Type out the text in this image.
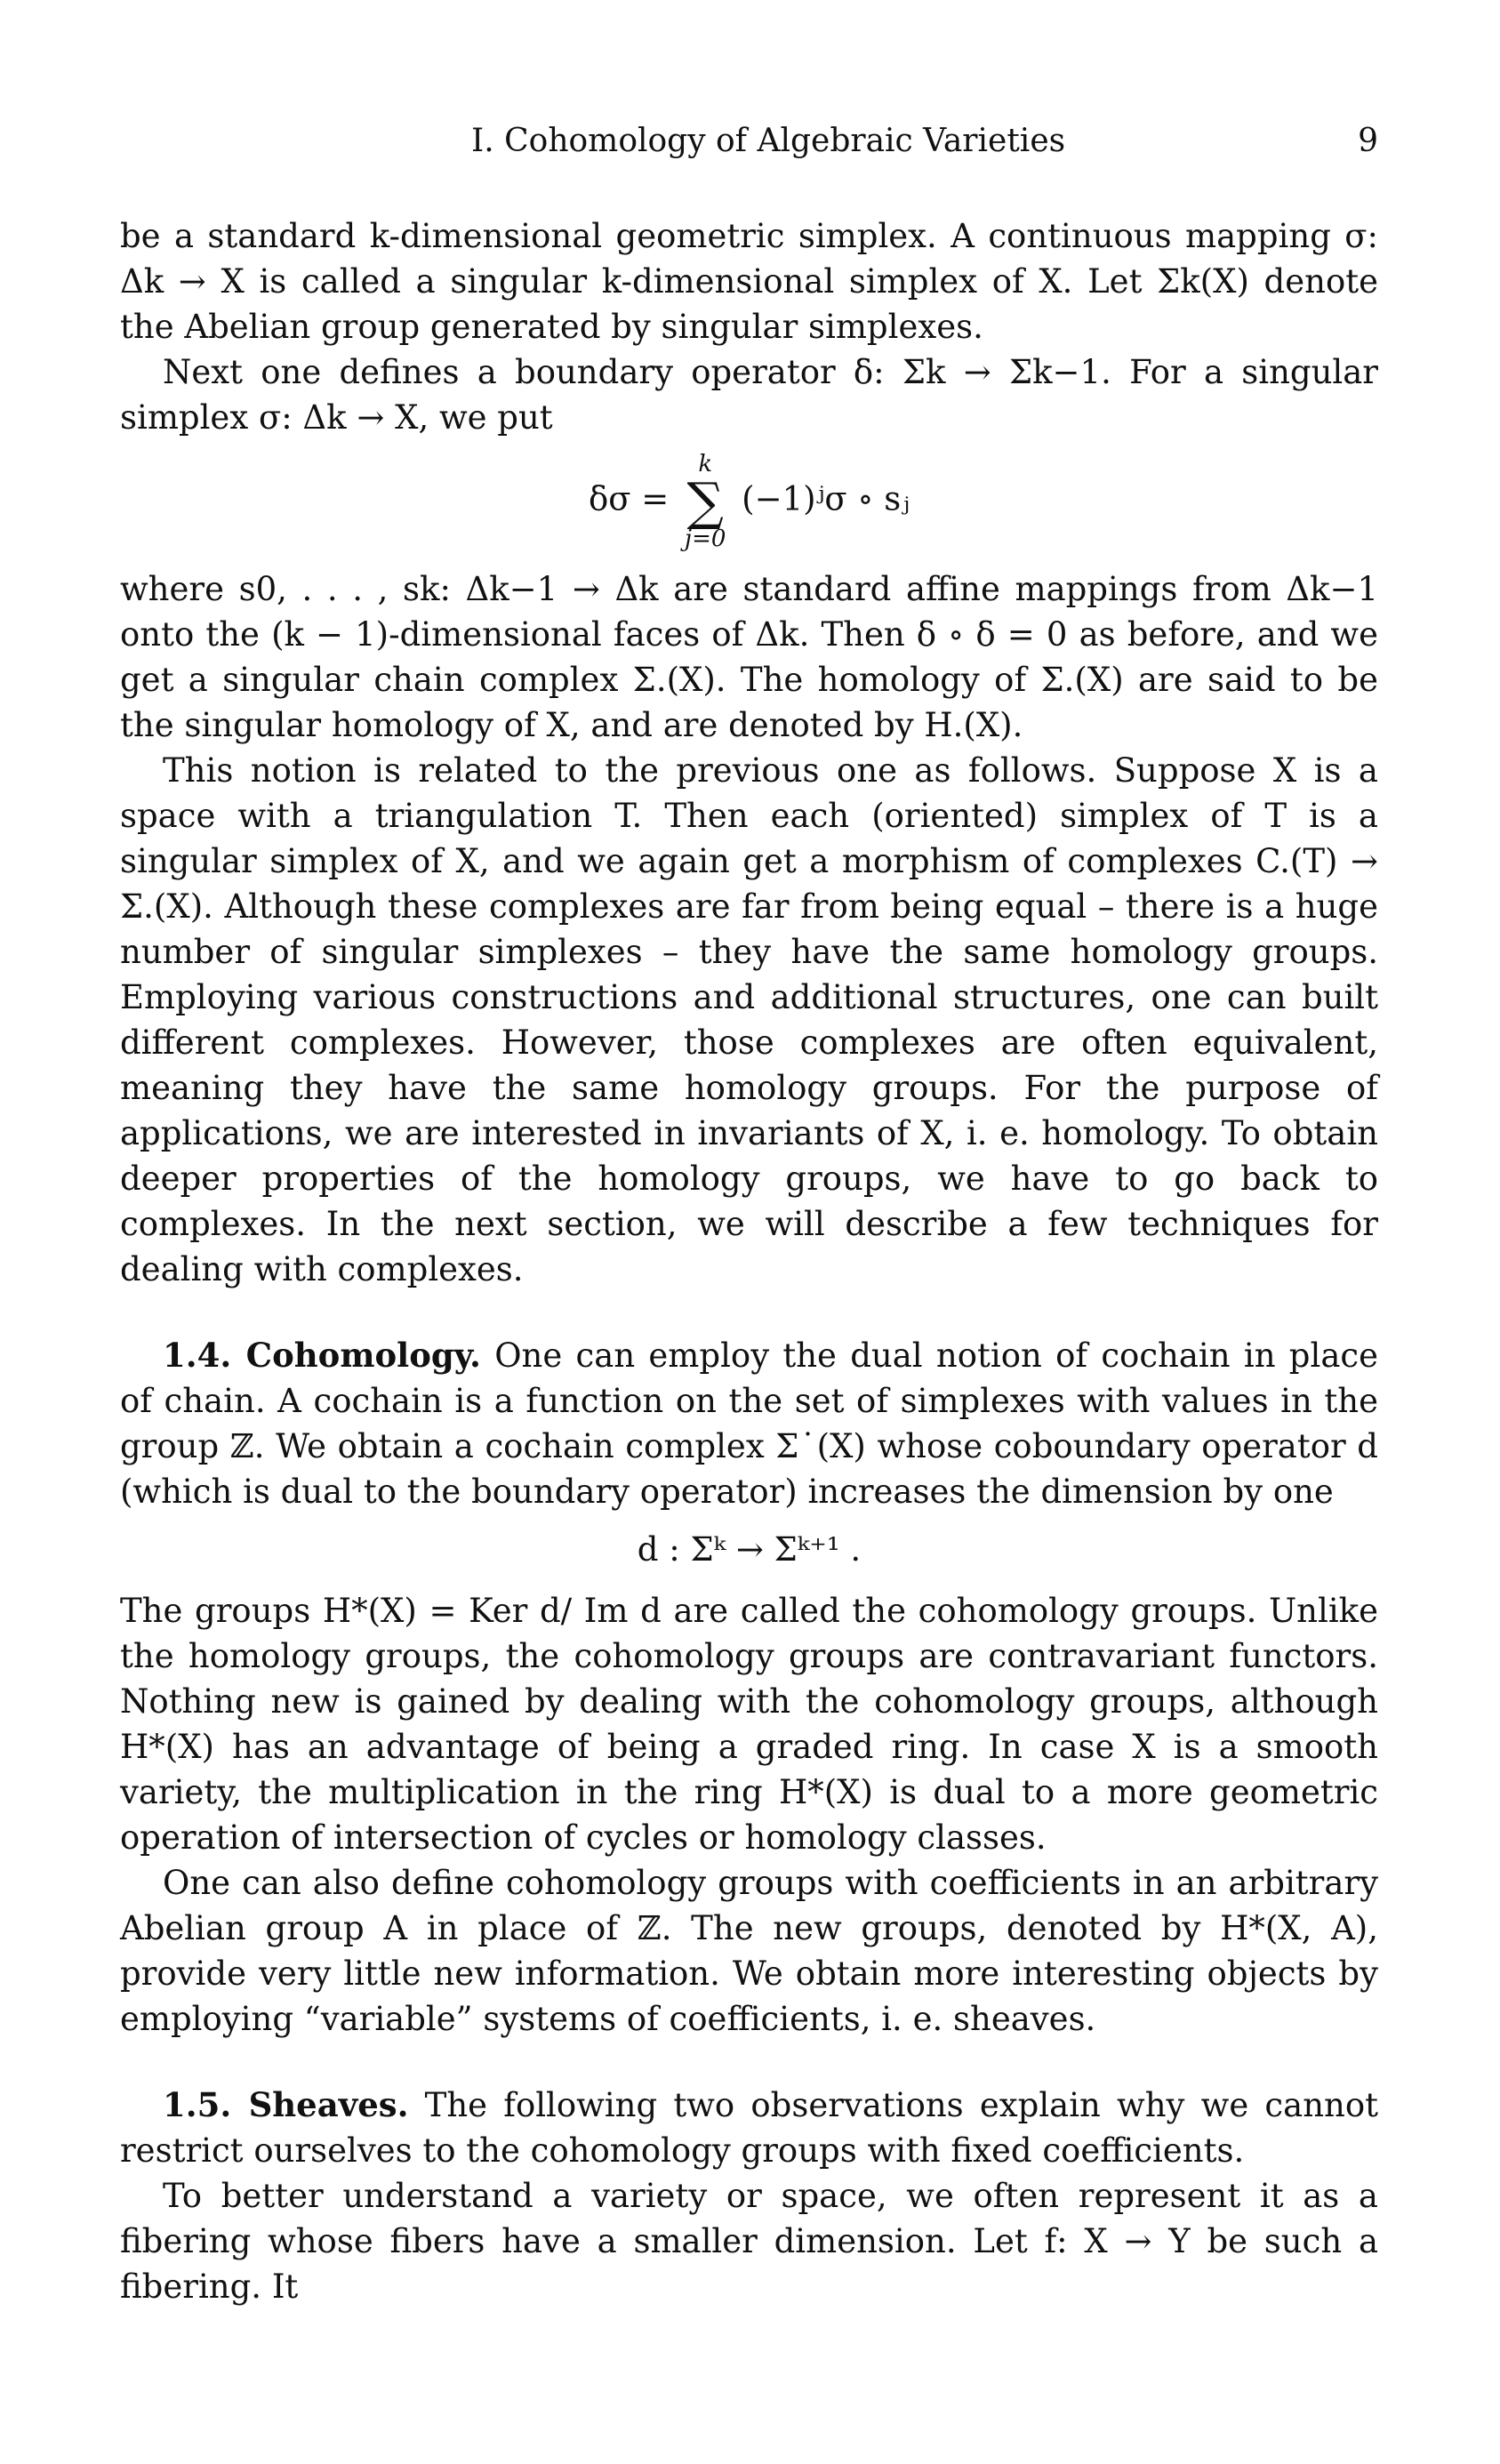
I. Cohomology of Algebraic Varieties	9

be a standard k-dimensional geometric simplex. A continuous mapping σ: Δk → X is called a singular k-dimensional simplex of X. Let Σk(X) denote the Abelian group generated by singular simplexes.

Next one defines a boundary operator δ: Σk → Σk−1. For a singular simplex σ: Δk → X, we put

δσ =
k
∑
j=0
(−1)ʲσ ∘ sⱼ

where s0, . . . , sk: Δk−1 → Δk are standard affine mappings from Δk−1 onto the (k − 1)-dimensional faces of Δk. Then δ ∘ δ = 0 as before, and we get a singular chain complex Σ.(X). The homology of Σ.(X) are said to be the singular homology of X, and are denoted by H.(X).

This notion is related to the previous one as follows. Suppose X is a space with a triangulation T. Then each (oriented) simplex of T is a singular simplex of X, and we again get a morphism of complexes C.(T) → Σ.(X). Although these complexes are far from being equal – there is a huge number of singular simplexes – they have the same homology groups. Employing various constructions and additional structures, one can built different complexes. However, those complexes are often equivalent, meaning they have the same homology groups. For the purpose of applications, we are interested in invariants of X, i. e. homology. To obtain deeper properties of the homology groups, we have to go back to complexes. In the next section, we will describe a few techniques for dealing with complexes.

1.4. Cohomology. One can employ the dual notion of cochain in place of chain. A cochain is a function on the set of simplexes with values in the group ℤ. We obtain a cochain complex Σ˙(X) whose coboundary operator d (which is dual to the boundary operator) increases the dimension by one

d : Σᵏ → Σᵏ⁺¹ .

The groups H*(X) = Ker d/ Im d are called the cohomology groups. Unlike the homology groups, the cohomology groups are contravariant functors. Nothing new is gained by dealing with the cohomology groups, although H*(X) has an advantage of being a graded ring. In case X is a smooth variety, the multiplication in the ring H*(X) is dual to a more geometric operation of intersection of cycles or homology classes.

One can also define cohomology groups with coefficients in an arbitrary Abelian group A in place of ℤ. The new groups, denoted by H*(X, A), provide very little new information. We obtain more interesting objects by employing “variable” systems of coefficients, i. e. sheaves.

1.5. Sheaves. The following two observations explain why we cannot restrict ourselves to the cohomology groups with fixed coefficients.

To better understand a variety or space, we often represent it as a fibering whose fibers have a smaller dimension. Let f: X → Y be such a fibering. It
